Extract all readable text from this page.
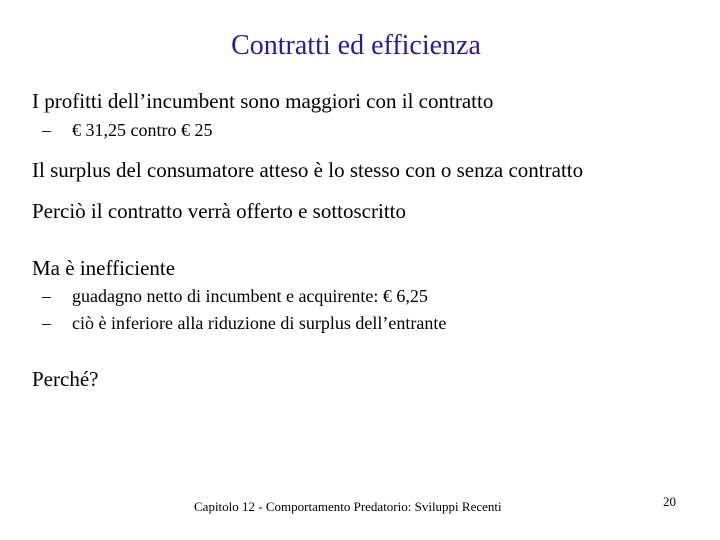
Contratti ed efficienza
I profitti dell’incumbent sono maggiori con il contratto
– € 31,25 contro € 25
Il surplus del consumatore atteso è lo stesso con o senza contratto
Perciò il contratto verrà offerto e sottoscritto
Ma è inefficiente
– guadagno netto di incumbent e acquirente: € 6,25
– ciò è inferiore alla riduzione di surplus dell’entrante
Perché?
Capitolo 12 - Comportamento Predatorio: Sviluppi Recenti	20
